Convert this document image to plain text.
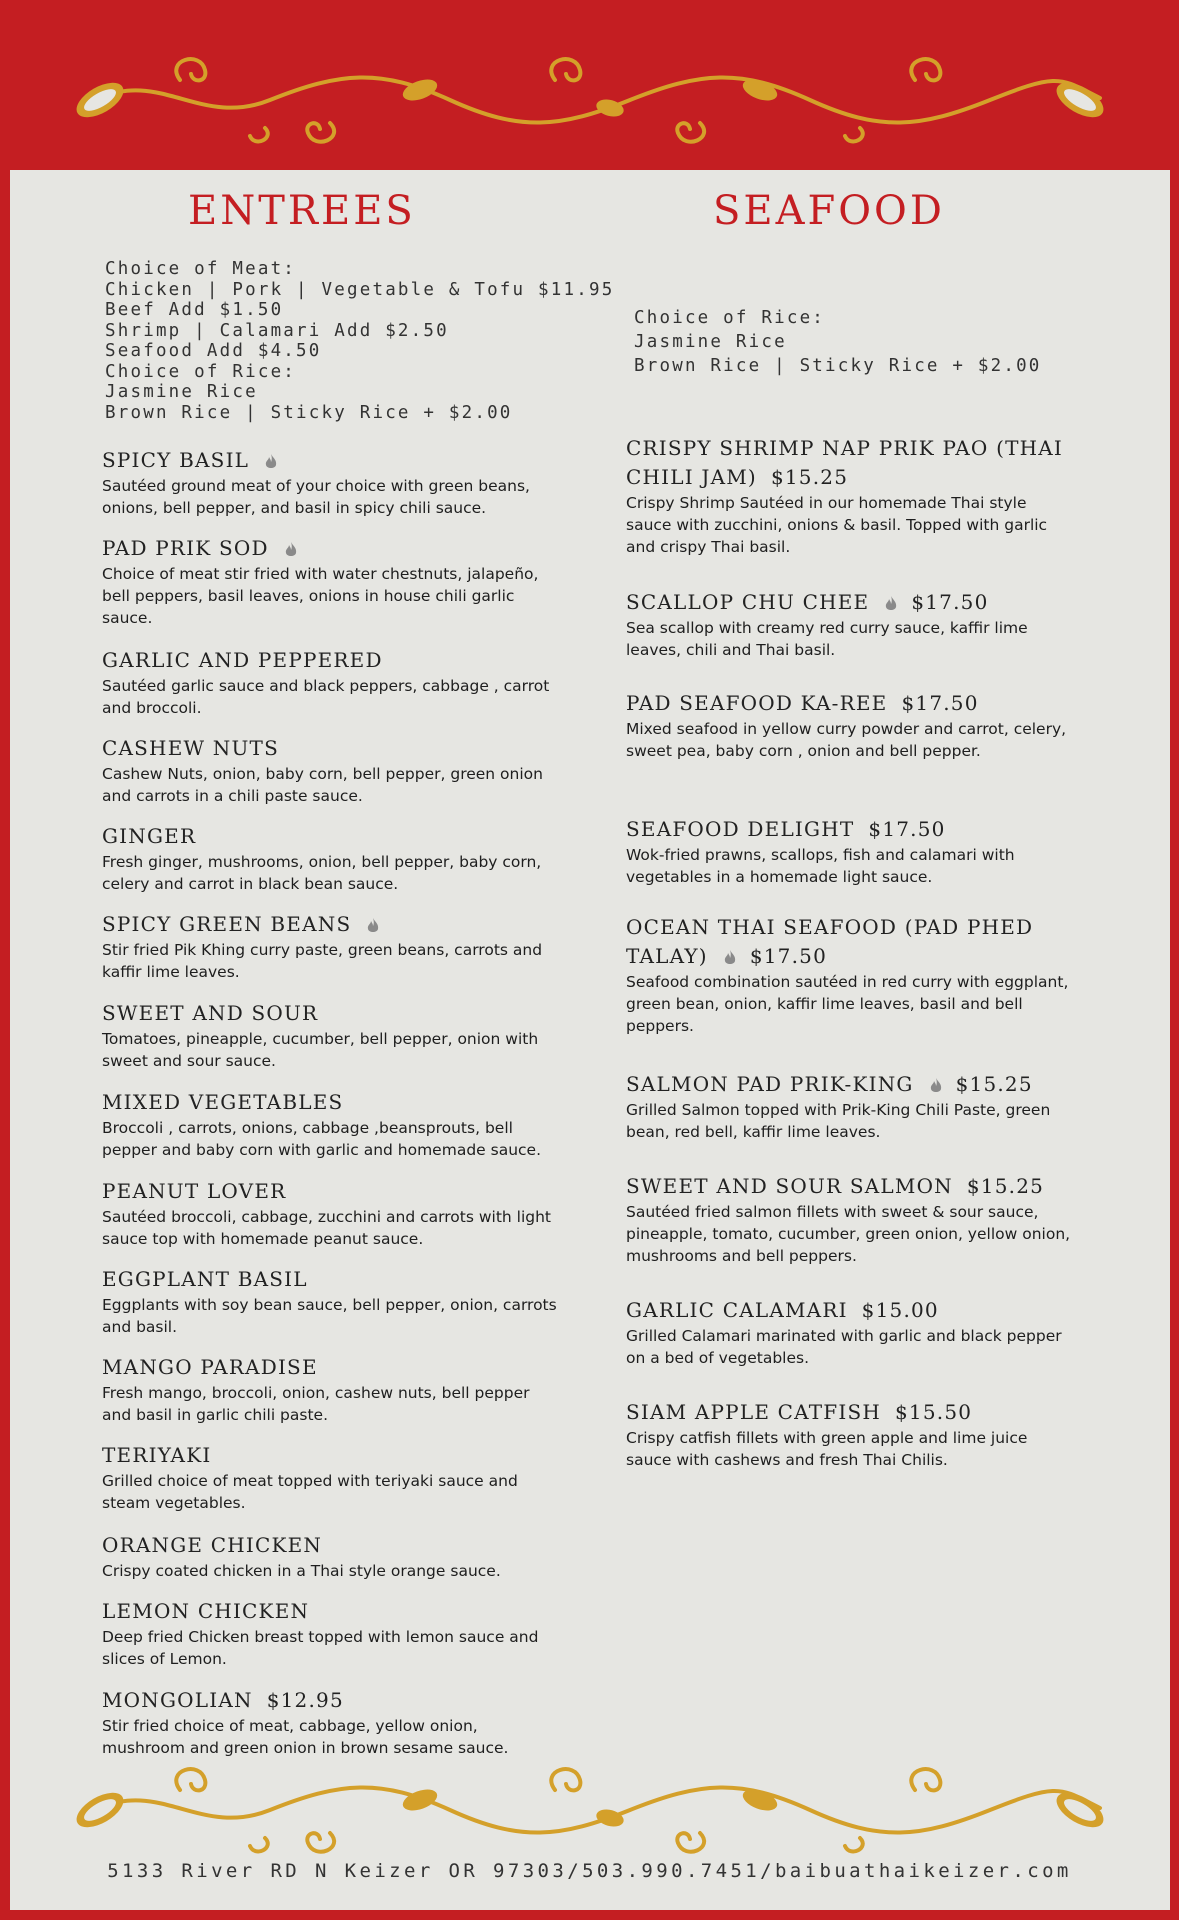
ENTREES
Choice of Meat:
Chicken | Pork | Vegetable & Tofu $11.95
Beef Add $1.50
Shrimp | Calamari Add $2.50
Seafood Add $4.50
Choice of Rice:
Jasmine Rice
Brown Rice | Sticky Rice + $2.00
SPICY BASIL
Sautéed ground meat of your choice with green beans, onions, bell pepper, and basil in spicy chili sauce.
PAD PRIK SOD
Choice of meat stir fried with water chestnuts, jalapeño, bell peppers, basil leaves, onions in house chili garlic sauce.
GARLIC AND PEPPERED
Sautéed garlic sauce and black peppers, cabbage , carrot and broccoli.
CASHEW NUTS
Cashew Nuts, onion, baby corn, bell pepper, green onion and carrots in a chili paste sauce.
GINGER
Fresh ginger, mushrooms, onion, bell pepper, baby corn, celery and carrot in black bean sauce.
SPICY GREEN BEANS
Stir fried Pik Khing curry paste, green beans, carrots and kaffir lime leaves.
SWEET AND SOUR
Tomatoes, pineapple, cucumber, bell pepper, onion with sweet and sour sauce.
MIXED VEGETABLES
Broccoli , carrots, onions, cabbage ,beansprouts, bell pepper and baby corn with garlic and homemade sauce.
PEANUT LOVER
Sautéed broccoli, cabbage, zucchini and carrots with light sauce top with homemade peanut sauce.
EGGPLANT BASIL
Eggplants with soy bean sauce, bell pepper, onion, carrots and basil.
MANGO PARADISE
Fresh mango, broccoli, onion, cashew nuts, bell pepper and basil in garlic chili paste.
TERIYAKI
Grilled choice of meat topped with teriyaki sauce and steam vegetables.
ORANGE CHICKEN
Crispy coated chicken in a Thai style orange sauce.
LEMON CHICKEN
Deep fried Chicken breast topped with lemon sauce and slices of Lemon.
MONGOLIAN $12.95
Stir fried choice of meat, cabbage, yellow onion, mushroom and green onion in brown sesame sauce.
SEAFOOD
Choice of Rice:
Jasmine Rice
Brown Rice | Sticky Rice + $2.00
CRISPY SHRIMP NAP PRIK PAO (THAI CHILI JAM) $15.25
Crispy Shrimp Sautéed in our homemade Thai style sauce with zucchini, onions & basil. Topped with garlic and crispy Thai basil.
SCALLOP CHU CHEE $17.50
Sea scallop with creamy red curry sauce, kaffir lime leaves, chili and Thai basil.
PAD SEAFOOD KA-REE $17.50
Mixed seafood in yellow curry powder and carrot, celery, sweet pea, baby corn , onion and bell pepper.
SEAFOOD DELIGHT $17.50
Wok-fried prawns, scallops, fish and calamari with vegetables in a homemade light sauce.
OCEAN THAI SEAFOOD (PAD PHED TALAY) $17.50
Seafood combination sautéed in red curry with eggplant, green bean, onion, kaffir lime leaves, basil and bell peppers.
SALMON PAD PRIK-KING $15.25
Grilled Salmon topped with Prik-King Chili Paste, green bean, red bell, kaffir lime leaves.
SWEET AND SOUR SALMON $15.25
Sautéed fried salmon fillets with sweet & sour sauce, pineapple, tomato, cucumber, green onion, yellow onion, mushrooms and bell peppers.
GARLIC CALAMARI $15.00
Grilled Calamari marinated with garlic and black pepper on a bed of vegetables.
SIAM APPLE CATFISH $15.50
Crispy catfish fillets with green apple and lime juice sauce with cashews and fresh Thai Chilis.
5133 River RD N Keizer OR 97303/503.990.7451/baibuathaikeizer.com
